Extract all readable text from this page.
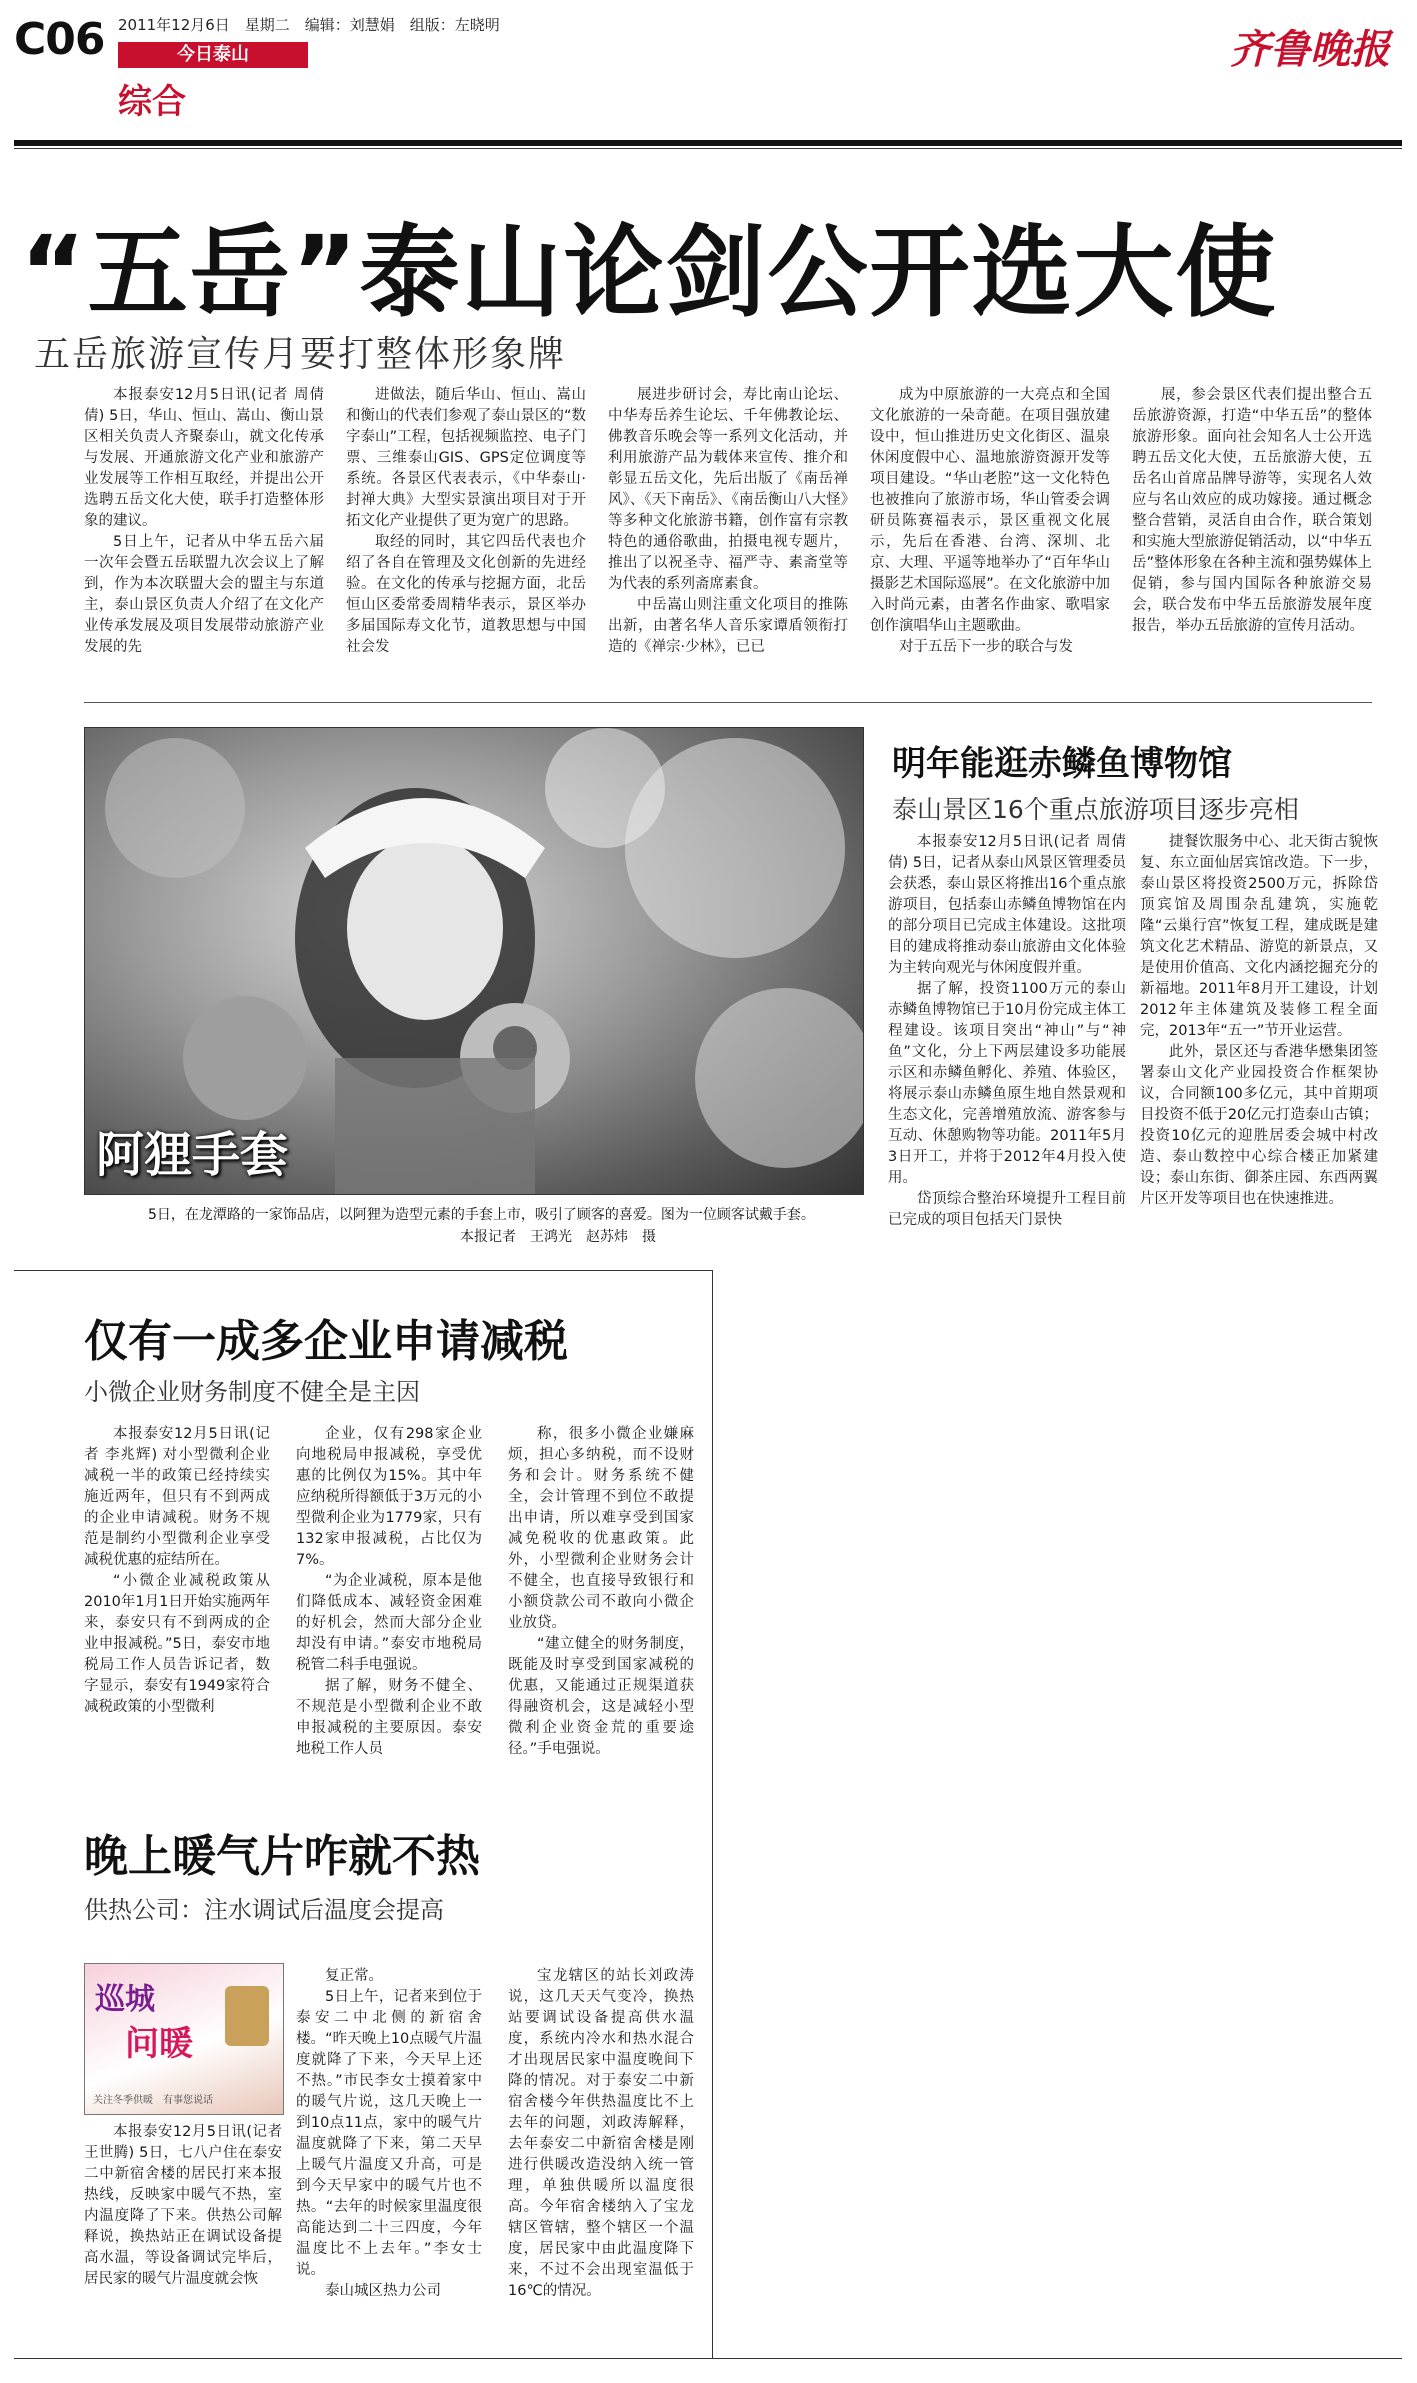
C06 2011年12月6日　星期二　编辑：刘慧娟　组版：左晓明
今日泰山
综合
齐鲁晚报
“五岳”泰山论剑公开选大使
五岳旅游宣传月要打整体形象牌

本报泰安12月5日讯(记者 周倩倩) 5日，华山、恒山、嵩山、衡山景区相关负责人齐聚泰山，就文化传承与发展、开通旅游文化产业和旅游产业发展等工作相互取经，并提出公开选聘五岳文化大使，联手打造整体形象的建议。

5日上午，记者从中华五岳六届一次年会暨五岳联盟九次会议上了解到，作为本次联盟大会的盟主与东道主，泰山景区负责人介绍了在文化产业传承发展及项目发展带动旅游产业发展的先

进做法，随后华山、恒山、嵩山和衡山的代表们参观了泰山景区的“数字泰山”工程，包括视频监控、电子门票、三维泰山GIS、GPS定位调度等系统。各景区代表表示，《中华泰山·封禅大典》大型实景演出项目对于开拓文化产业提供了更为宽广的思路。

取经的同时，其它四岳代表也介绍了各自在管理及文化创新的先进经验。在文化的传承与挖掘方面，北岳恒山区委常委周精华表示，景区举办多届国际寿文化节，道教思想与中国社会发

展进步研讨会，寿比南山论坛、中华寿岳养生论坛、千年佛教论坛、佛教音乐晚会等一系列文化活动，并利用旅游产品为载体来宣传、推介和彰显五岳文化，先后出版了《南岳禅风》、《天下南岳》、《南岳衡山八大怪》等多种文化旅游书籍，创作富有宗教特色的通俗歌曲，拍摄电视专题片，推出了以祝圣寺、福严寺、素斋堂等为代表的系列斋席素食。

中岳嵩山则注重文化项目的推陈出新，由著名华人音乐家谭盾领衔打造的《禅宗·少林》，已已

成为中原旅游的一大亮点和全国文化旅游的一朵奇葩。在项目强放建设中，恒山推进历史文化街区、温泉休闲度假中心、温地旅游资源开发等项目建设。“华山老腔”这一文化特色也被推向了旅游市场，华山管委会调研员陈赛福表示，景区重视文化展示，先后在香港、台湾、深圳、北京、大理、平遥等地举办了“百年华山摄影艺术国际巡展”。在文化旅游中加入时尚元素，由著名作曲家、歌唱家创作演唱华山主题歌曲。

对于五岳下一步的联合与发

展，参会景区代表们提出整合五岳旅游资源，打造“中华五岳”的整体旅游形象。面向社会知名人士公开选聘五岳文化大使，五岳旅游大使，五岳名山首席品牌导游等，实现名人效应与名山效应的成功嫁接。通过概念整合营销，灵活自由合作，联合策划和实施大型旅游促销活动，以“中华五岳”整体形象在各种主流和强势媒体上促销，参与国内国际各种旅游交易会，联合发布中华五岳旅游发展年度报告，举办五岳旅游的宣传月活动。

阿狸手套
5日，在龙潭路的一家饰品店，以阿狸为造型元素的手套上市，吸引了顾客的喜爱。图为一位顾客试戴手套。
本报记者　王鸿光　赵苏炜　摄
明年能逛赤鳞鱼博物馆
泰山景区16个重点旅游项目逐步亮相

本报泰安12月5日讯(记者 周倩倩) 5日，记者从泰山风景区管理委员会获悉，泰山景区将推出16个重点旅游项目，包括泰山赤鳞鱼博物馆在内的部分项目已完成主体建设。这批项目的建成将推动泰山旅游由文化体验为主转向观光与休闲度假并重。

据了解，投资1100万元的泰山赤鳞鱼博物馆已于10月份完成主体工程建设。该项目突出“神山”与“神鱼”文化，分上下两层建设多功能展示区和赤鳞鱼孵化、养殖、体验区，将展示泰山赤鳞鱼原生地自然景观和生态文化，完善增殖放流、游客参与互动、休憩购物等功能。2011年5月3日开工，并将于2012年4月投入使用。

岱顶综合整治环境提升工程目前已完成的项目包括天门景快

捷餐饮服务中心、北天街古貌恢复、东立面仙居宾馆改造。下一步，泰山景区将投资2500万元，拆除岱顶宾馆及周围杂乱建筑，实施乾隆“云巢行宫”恢复工程，建成既是建筑文化艺术精品、游览的新景点，又是使用价值高、文化内涵挖掘充分的新福地。2011年8月开工建设，计划2012年主体建筑及装修工程全面完，2013年“五一”节开业运营。

此外，景区还与香港华懋集团签署泰山文化产业园投资合作框架协议，合同额100多亿元，其中首期项目投资不低于20亿元打造泰山古镇；投资10亿元的迎胜居委会城中村改造、泰山数控中心综合楼正加紧建设；泰山东街、御茶庄园、东西两翼片区开发等项目也在快速推进。

仅有一成多企业申请减税
小微企业财务制度不健全是主因

本报泰安12月5日讯(记者 李兆辉) 对小型微利企业减税一半的政策已经持续实施近两年，但只有不到两成的企业申请减税。财务不规范是制约小型微利企业享受减税优惠的症结所在。

“小微企业减税政策从2010年1月1日开始实施两年来，泰安只有不到两成的企业申报减税。”5日，泰安市地税局工作人员告诉记者，数字显示，泰安有1949家符合减税政策的小型微利

企业，仅有298家企业向地税局申报减税，享受优惠的比例仅为15%。其中年应纳税所得额低于3万元的小型微利企业为1779家，只有132家申报减税，占比仅为7%。

“为企业减税，原本是他们降低成本、减轻资金困难的好机会，然而大部分企业却没有申请。”泰安市地税局税管二科手电强说。

据了解，财务不健全、不规范是小型微利企业不敢申报减税的主要原因。泰安地税工作人员

称，很多小微企业嫌麻烦，担心多纳税，而不设财务和会计。财务系统不健全，会计管理不到位不敢提出申请，所以难享受到国家减免税收的优惠政策。此外，小型微利企业财务会计不健全，也直接导致银行和小额贷款公司不敢向小微企业放贷。

“建立健全的财务制度，既能及时享受到国家减税的优惠，又能通过正规渠道获得融资机会，这是减轻小型微利企业资金荒的重要途径。”手电强说。

晚上暖气片咋就不热
供热公司：注水调试后温度会提高
巡城
问暖
关注冬季供暖　有事您说话

本报泰安12月5日讯(记者 王世腾) 5日，七八户住在泰安二中新宿舍楼的居民打来本报热线，反映家中暖气不热，室内温度降了下来。供热公司解释说，换热站正在调试设备提高水温，等设备调试完毕后，居民家的暖气片温度就会恢

复正常。

5日上午，记者来到位于泰安二中北侧的新宿舍楼。“昨天晚上10点暖气片温度就降了下来，今天早上还不热。”市民李女士摸着家中的暖气片说，这几天晚上一到10点11点，家中的暖气片温度就降了下来，第二天早上暖气片温度又升高，可是到今天早家中的暖气片也不热。“去年的时候家里温度很高能达到二十三四度，今年温度比不上去年。”李女士说。

泰山城区热力公司

宝龙辖区的站长刘政涛说，这几天天气变冷，换热站要调试设备提高供水温度，系统内冷水和热水混合才出现居民家中温度晚间下降的情况。对于泰安二中新宿舍楼今年供热温度比不上去年的问题，刘政涛解释，去年泰安二中新宿舍楼是刚进行供暖改造没纳入统一管理，单独供暖所以温度很高。今年宿舍楼纳入了宝龙辖区管辖，整个辖区一个温度，居民家中由此温度降下来，不过不会出现室温低于16℃的情况。
